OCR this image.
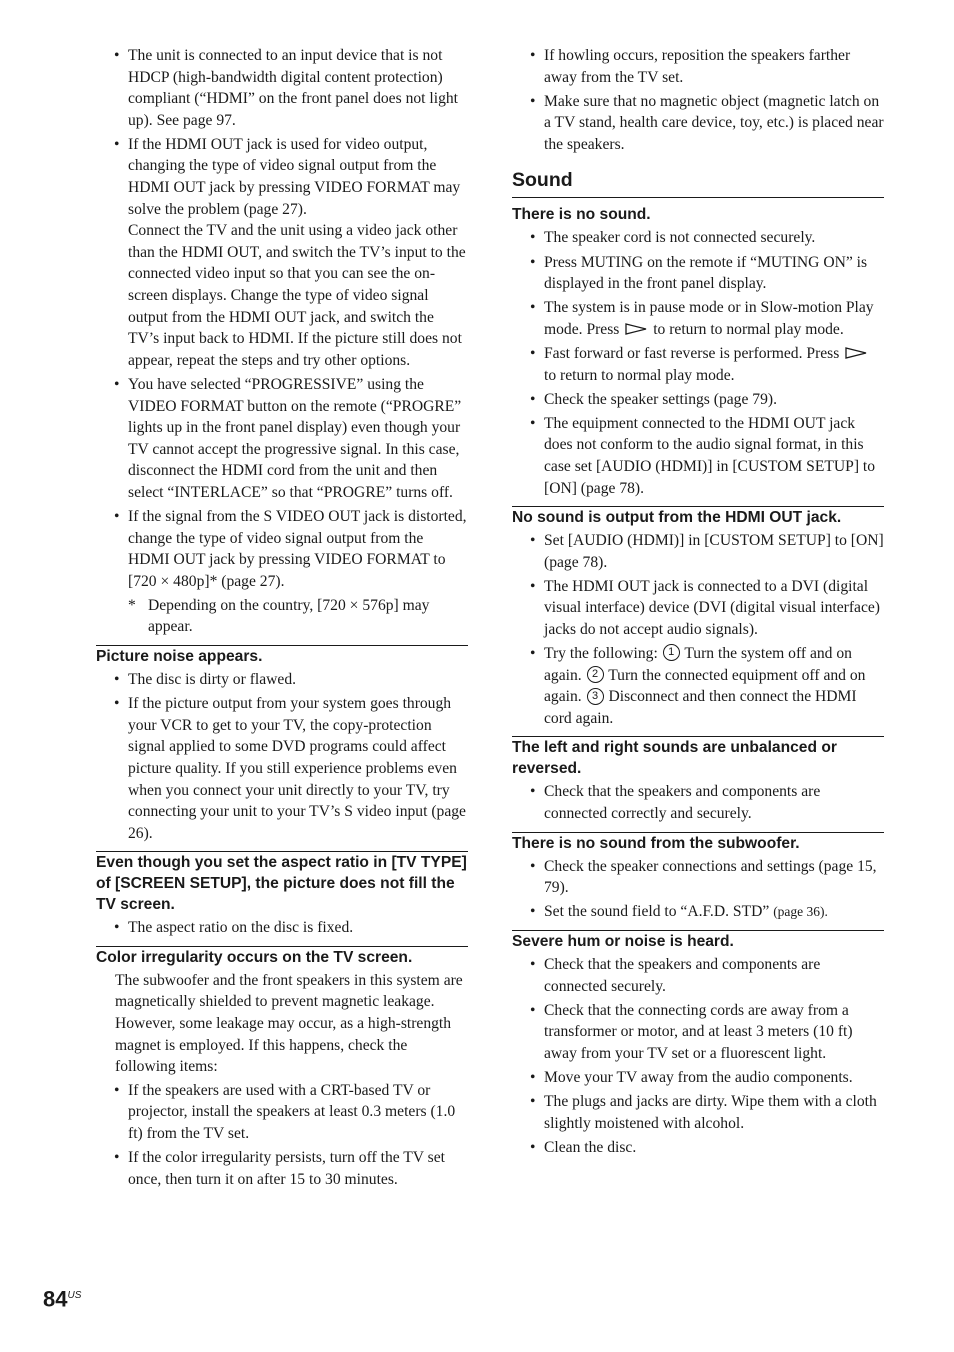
• The unit is connected to an input device that is not HDCP (high-bandwidth digital content protection) compliant (“HDMI” on the front panel does not light up). See page 97.
• If the HDMI OUT jack is used for video output, changing the type of video signal output from the HDMI OUT jack by pressing VIDEO FORMAT may solve the problem (page 27).
Connect the TV and the unit using a video jack other than the HDMI OUT, and switch the TV’s input to the connected video input so that you can see the on-screen displays. Change the type of video signal output from the HDMI OUT jack, and switch the TV’s input back to HDMI. If the picture still does not appear, repeat the steps and try other options.
• You have selected “PROGRESSIVE” using the VIDEO FORMAT button on the remote (“PROGRE” lights up in the front panel display) even though your TV cannot accept the progressive signal. In this case, disconnect the HDMI cord from the unit and then select “INTERLACE” so that “PROGRE” turns off.
• If the signal from the S VIDEO OUT jack is distorted, change the type of video signal output from the HDMI OUT jack by pressing VIDEO FORMAT to [720 × 480p]* (page 27).
* Depending on the country, [720 × 576p] may appear.
Picture noise appears.
• The disc is dirty or flawed.
• If the picture output from your system goes through your VCR to get to your TV, the copy-protection signal applied to some DVD programs could affect picture quality. If you still experience problems even when you connect your unit directly to your TV, try connecting your unit to your TV’s S video input (page 26).
Even though you set the aspect ratio in [TV TYPE] of [SCREEN SETUP], the picture does not fill the TV screen.
• The aspect ratio on the disc is fixed.
Color irregularity occurs on the TV screen.
The subwoofer and the front speakers in this system are magnetically shielded to prevent magnetic leakage. However, some leakage may occur, as a high-strength magnet is employed. If this happens, check the following items:
• If the speakers are used with a CRT-based TV or projector, install the speakers at least 0.3 meters (1.0 ft) from the TV set.
• If the color irregularity persists, turn off the TV set once, then turn it on after 15 to 30 minutes.
• If howling occurs, reposition the speakers farther away from the TV set.
• Make sure that no magnetic object (magnetic latch on a TV stand, health care device, toy, etc.) is placed near the speakers.
Sound
There is no sound.
• The speaker cord is not connected securely.
• Press MUTING on the remote if “MUTING ON” is displayed in the front panel display.
• The system is in pause mode or in Slow-motion Play mode. Press to return to normal play mode.
• Fast forward or fast reverse is performed. Press  to return to normal play mode.
• Check the speaker settings (page 79).
• The equipment connected to the HDMI OUT jack does not conform to the audio signal format, in this case set [AUDIO (HDMI)] in [CUSTOM SETUP] to [ON] (page 78).
No sound is output from the HDMI OUT jack.
• Set [AUDIO (HDMI)] in [CUSTOM SETUP] to [ON] (page 78).
• The HDMI OUT jack is connected to a DVI (digital visual interface) device (DVI (digital visual interface) jacks do not accept audio signals).
• Try the following: 1 Turn the system off and on again. 2 Turn the connected equipment off and on again. 3 Disconnect and then connect the HDMI cord again.
The left and right sounds are unbalanced or reversed.
• Check that the speakers and components are connected correctly and securely.
There is no sound from the subwoofer.
• Check the speaker connections and settings (page 15, 79).
• Set the sound field to “A.F.D. STD” (page 36).
Severe hum or noise is heard.
• Check that the speakers and components are connected securely.
• Check that the connecting cords are away from a transformer or motor, and at least 3 meters (10 ft) away from your TV set or a fluorescent light.
• Move your TV away from the audio components.
• The plugs and jacks are dirty. Wipe them with a cloth slightly moistened with alcohol.
• Clean the disc.
$84^{US}$
